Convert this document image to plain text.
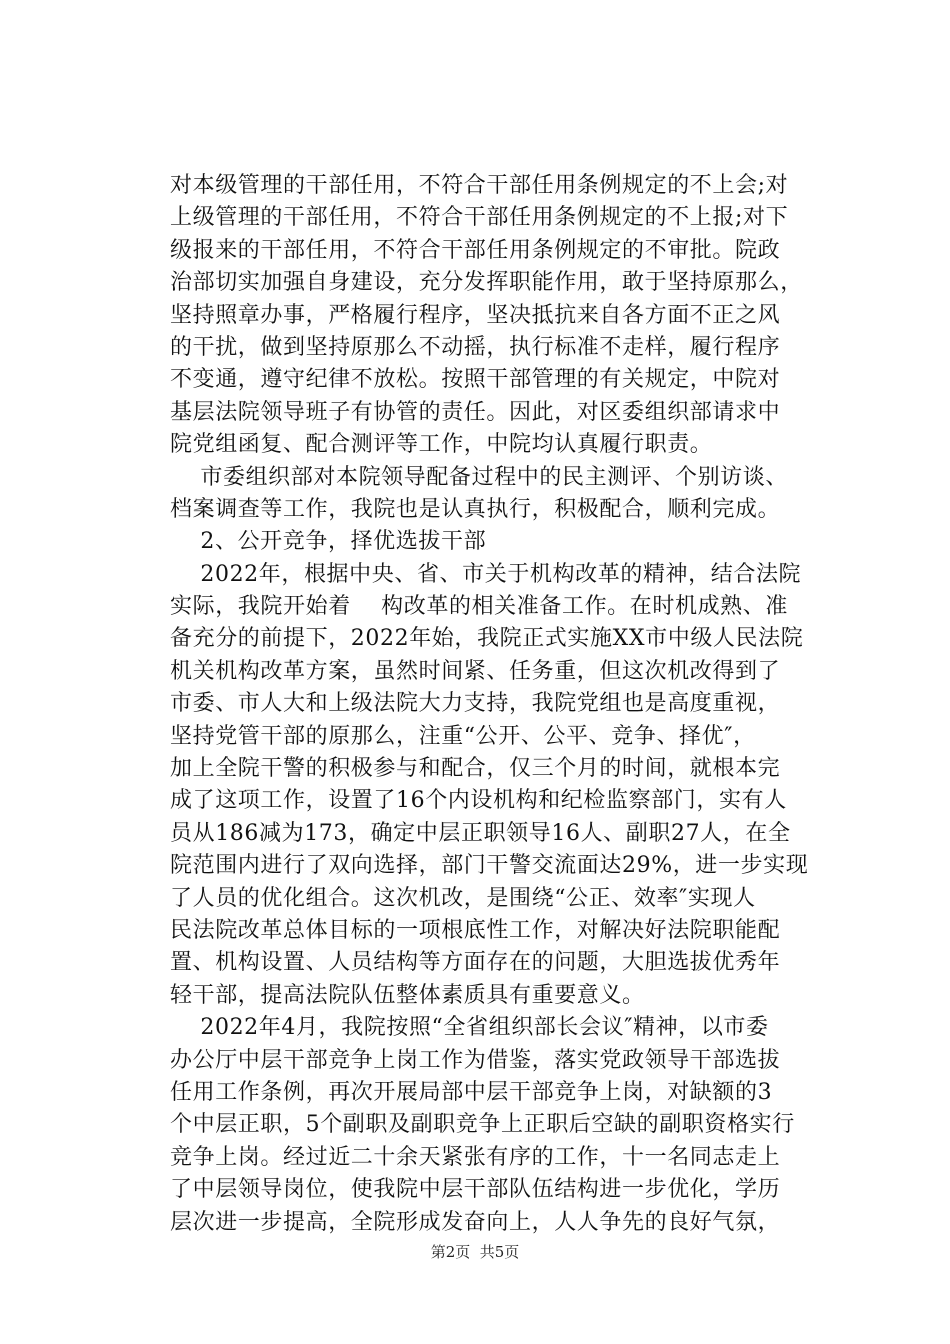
对本级管理的干部任用，不符合干部任用条例规定的不上会;对
上级管理的干部任用，不符合干部任用条例规定的不上报;对下
级报来的干部任用，不符合干部任用条例规定的不审批。院政
治部切实加强自身建设，充分发挥职能作用，敢于坚持原那么，
坚持照章办事，严格履行程序，坚决抵抗来自各方面不正之风
的干扰，做到坚持原那么不动摇，执行标准不走样，履行程序
不变通，遵守纪律不放松。按照干部管理的有关规定，中院对
基层法院领导班子有协管的责任。因此，对区委组织部请求中
院党组函复、配合测评等工作，中院均认真履行职责。
市委组织部对本院领导配备过程中的民主测评、个别访谈、
档案调查等工作，我院也是认真执行，积极配合，顺利完成。
2、公开竞争，择优选拔干部
2022年，根据中央、省、市关于机构改革的精神，结合法院
实际，我院开始着    构改革的相关准备工作。在时机成熟、准
备充分的前提下，2022年始，我院正式实施XX市中级人民法院
机关机构改革方案，虽然时间紧、任务重，但这次机改得到了
市委、市人大和上级法院大力支持，我院党组也是高度重视，
坚持党管干部的原那么，注重“公开、公平、竞争、择优″，
加上全院干警的积极参与和配合，仅三个月的时间，就根本完
成了这项工作，设置了16个内设机构和纪检监察部门，实有人
员从186减为173，确定中层正职领导16人、副职27人，在全
院范围内进行了双向选择，部门干警交流面达29%，进一步实现
了人员的优化组合。这次机改，是围绕“公正、效率″实现人
民法院改革总体目标的一项根底性工作，对解决好法院职能配
置、机构设置、人员结构等方面存在的问题，大胆选拔优秀年
轻干部，提高法院队伍整体素质具有重要意义。
2022年4月，我院按照“全省组织部长会议″精神，以市委
办公厅中层干部竞争上岗工作为借鉴，落实党政领导干部选拔
任用工作条例，再次开展局部中层干部竞争上岗，对缺额的3
个中层正职，5个副职及副职竞争上正职后空缺的副职资格实行
竞争上岗。经过近二十余天紧张有序的工作，十一名同志走上
了中层领导岗位，使我院中层干部队伍结构进一步优化，学历
层次进一步提高，全院形成发奋向上，人人争先的良好气氛，
第2页  共5页
